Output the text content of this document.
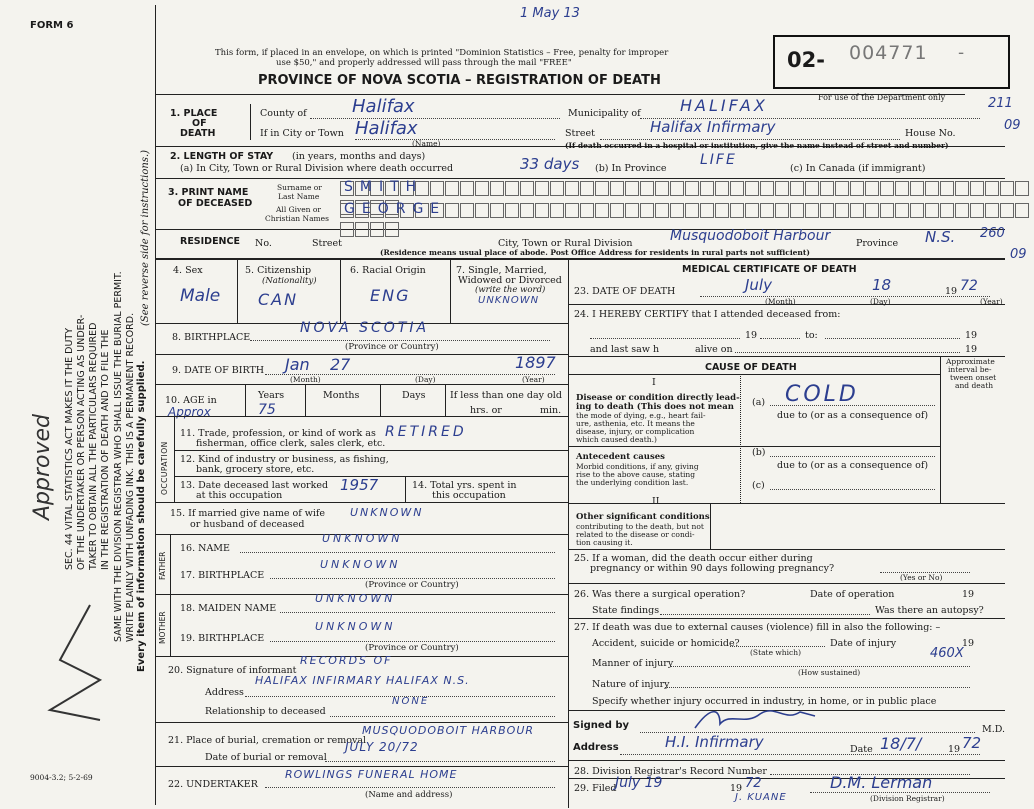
FORM 6
1 May 13
This form, if placed in an envelope, on which is printed "Dominion Statistics – Free, penalty for improper
use $50," and properly addressed will pass through the mail "FREE"
PROVINCE OF NOVA SCOTIA – REGISTRATION OF DEATH
02- 004771 -
For use of the Department only	211
09
09
SEC. 44 VITAL STATISTICS ACT MAKES IT THE DUTY OF THE UNDERTAKER OR PERSON ACTING AS UNDER- TAKER TO OBTAIN ALL THE PARTICULARS REQUIRED IN THE REGISTRATION OF DEATH AND TO FILE THE SAME WITH THE DIVISION REGISTRAR WHO SHALL ISSUE THE BURIAL PERMIT. WRITE PLAINLY WITH UNFADING INK. THIS IS A PERMANENT RECORD.
(See reverse side for instructions.)
Every item of information should be carefully supplied.
Approved
9004-3.2; 5-2-69
1. PLACE
OF
DEATH
County of	Halifax	Municipality of HALIFAX
If in City or Town Halifax
(Name)
Street	Halifax Infirmary	House No.
(If death occurred in a hospital or institution, give the name instead of street and number)
2. LENGTH OF STAY (in years, months and days)
(a) In City, Town or Rural Division where death occurred	33 days (b) In Province
LIFE
(c) In Canada (if immigrant)
3. PRINT NAME
OF DECEASED
Surname or
Last Name
All Given or
Christian Names
SMITH
GEORGE
RESIDENCE No.	Street	City, Town or Rural Division	Musquodoboit Harbour	Province N.S. 260
(Residence means usual place of abode. Post Office Address for residents in rural parts not sufficient)
4. Sex
Male
5. Citizenship
(Nationality)
CAN
6. Racial Origin
ENG
7. Single, Married,
Widowed or Divorced
(write the word)
UNKNOWN
8. BIRTHPLACE
NOVA SCOTIA
(Province or Country)
9. DATE OF BIRTH Jan 27	1897
(Month)	(Day)	(Year)
10. AGE in
Approx
Years
75
Months	Days	If less than one day old
hrs. or	min.
OCCUPATION
11. Trade, profession, or kind of work as
fisherman, office clerk, sales clerk, etc.
RETIRED
12. Kind of industry or business, as fishing,
bank, grocery store, etc.
13. Date deceased last worked
at this occupation
1957	14. Total yrs. spent in
this occupation
15. If married give name of wife
or husband of deceased
UNKNOWN
FATHER
16. NAME
UNKNOWN
17. BIRTHPLACE
UNKNOWN
(Province or Country)
MOTHER
18. MAIDEN NAME
UNKNOWN
19. BIRTHPLACE
UNKNOWN
(Province or Country)
20. Signature of informant
RECORDS OF
Address
HALIFAX INFIRMARY HALIFAX N.S.
Relationship to deceased
NONE
21. Place of burial, cremation or removal
MUSQUODOBOIT HARBOUR
Date of burial or removal
JULY 20/72
22. UNDERTAKER
ROWLINGS FUNERAL HOME
(Name and address)
MEDICAL CERTIFICATE OF DEATH
23. DATE OF DEATH	July	18	19 72
(Month)	(Day)	(Year)
24. I HEREBY CERTIFY that I attended deceased from:
19	to:	19
and last saw h	alive on	19
CAUSE OF DEATH
Approximate
interval be-
tween onset
and death
I
Disease or condition directly lead-
ing to death (This does not mean
the mode of dying, e.g., heart fail-
ure, asthenia, etc. It means the
disease, injury, or complication
which caused death.)
(a) COLD
due to (or as a consequence of)
Antecedent causes
Morbid conditions, if any, giving
rise to the above cause, stating
the underlying condition last.
(b)
due to (or as a consequence of)
(c)
II
Other significant conditions
contributing to the death, but not
related to the disease or condi-
tion causing it.
25. If a woman, did the death occur either during
pregnancy or within 90 days following pregnancy?
(Yes or No)
26. Was there a surgical operation?	Date of operation	19
State findings	Was there an autopsy?
27. If death was due to external causes (violence) fill in also the following: –
Accident, suicide or homicide?
(State which)
Date of injury	19
460X
Manner of injury
(How sustained)
Nature of injury
Specify whether injury occurred in industry, in home, or in public place
Signed by	M.D.
Address	H.I. Infirmary	Date 18/7/	19 72
28. Division Registrar's Record Number
29. Filed
July 19	19 72
J. KUANE
D.M. Lerman
(Division Registrar)
